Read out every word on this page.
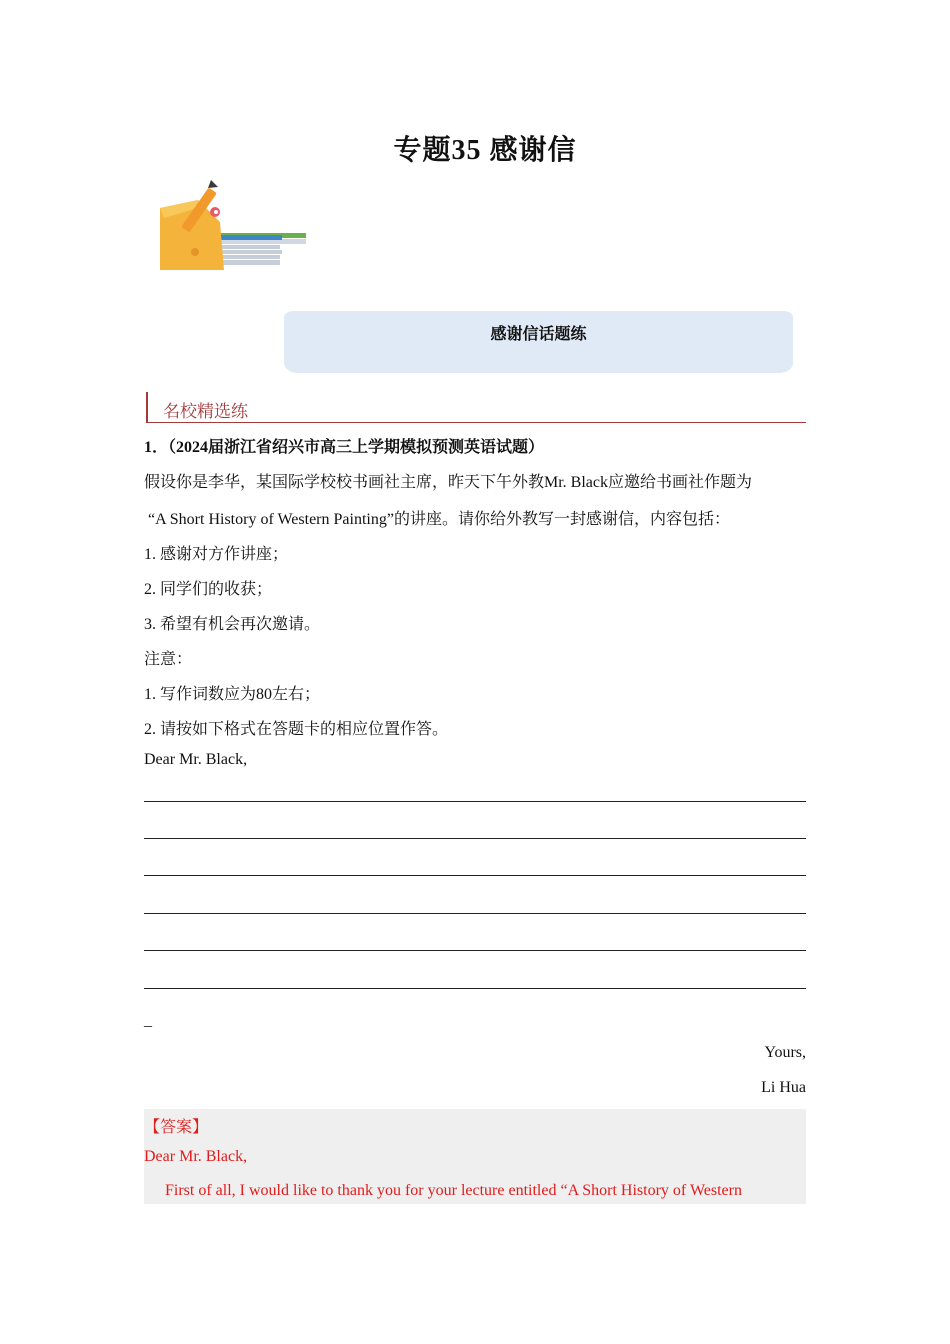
专题35 感谢信
感谢信话题练
名校精选练
1．（2024届浙江省绍兴市高三上学期模拟预测英语试题）
假设你是李华，某国际学校校书画社主席，昨天下午外教Mr. Black应邀给书画社作题为
“A Short History of Western Painting”的讲座。请你给外教写一封感谢信，内容包括：
1. 感谢对方作讲座；
2. 同学们的收获；
3. 希望有机会再次邀请。
注意：
1. 写作词数应为80左右；
2. 请按如下格式在答题卡的相应位置作答。
Dear Mr. Black,
_
Yours,
Li Hua
【答案】
Dear Mr. Black,
First of all, I would like to thank you for your lecture entitled “A Short History of Western
